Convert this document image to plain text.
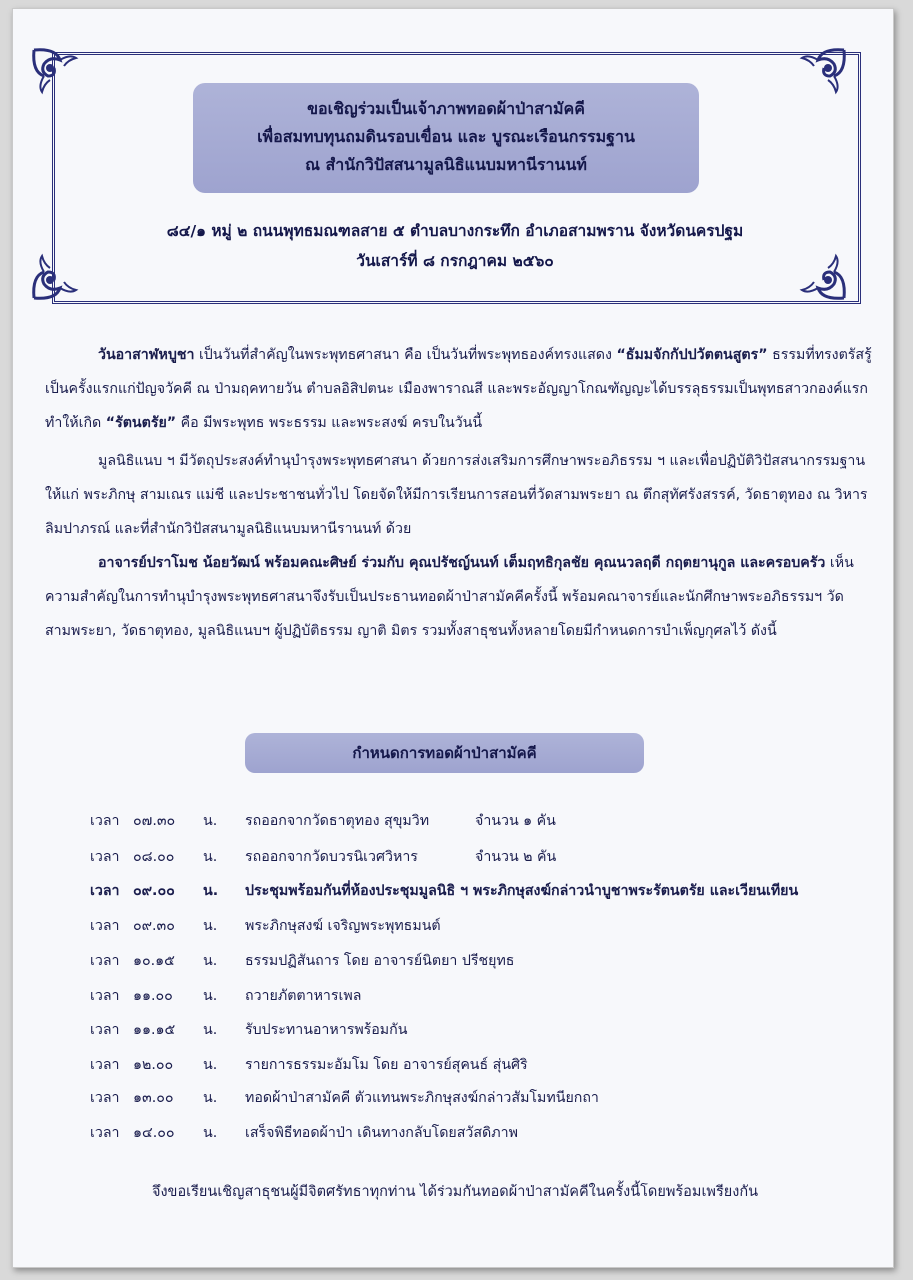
ขอเชิญร่วมเป็นเจ้าภาพทอดผ้าป่าสามัคคี
เพื่อสมทบทุนถมดินรอบเขื่อน และ บูรณะเรือนกรรมฐาน
ณ สำนักวิปัสสนามูลนิธิแนบมหานีรานนท์
๘๔/๑ หมู่ ๒ ถนนพุทธมณฑลสาย ๕ ตำบลบางกระทึก อำเภอสามพราน จังหวัดนครปฐม
วันเสาร์ที่ ๘ กรกฎาคม ๒๕๖๐

วันอาสาฬหบูชา เป็นวันที่สำคัญในพระพุทธศาสนา คือ เป็นวันที่พระพุทธองค์ทรงแสดง “ธัมมจักกัปปวัตตนสูตร” ธรรมที่ทรงตรัสรู้เป็นครั้งแรกแก่ปัญจวัคคี ณ ป่ามฤคทายวัน ตำบลอิสิปตนะ เมืองพาราณสี และพระอัญญาโกณฑัญญะได้บรรลุธรรมเป็นพุทธสาวกองค์แรก ทำให้เกิด “รัตนตรัย” คือ มีพระพุทธ พระธรรม และพระสงฆ์ ครบในวันนี้

มูลนิธิแนบ ฯ มีวัตถุประสงค์ทำนุบำรุงพระพุทธศาสนา ด้วยการส่งเสริมการศึกษาพระอภิธรรม ฯ และเพื่อปฏิบัติวิปัสสนากรรมฐานให้แก่ พระภิกษุ สามเณร แม่ชี และประชาชนทั่วไป โดยจัดให้มีการเรียนการสอนที่วัดสามพระยา ณ ตึกสุทัศรังสรรค์, วัดธาตุทอง ณ วิหารลิมปาภรณ์ และที่สำนักวิปัสสนามูลนิธิแนบมหานีรานนท์ ด้วย

อาจารย์ปราโมช น้อยวัฒน์ พร้อมคณะศิษย์ ร่วมกับ คุณปรัชญ์นนท์ เต็มฤทธิกุลชัย คุณนวลฤดี กฤตยานุกูล และครอบครัว เห็นความสำคัญในการทำนุบำรุงพระพุทธศาสนาจึงรับเป็นประธานทอดผ้าป่าสามัคคีครั้งนี้ พร้อมคณาจารย์และนักศึกษาพระอภิธรรมฯ วัดสามพระยา, วัดธาตุทอง, มูลนิธิแนบฯ ผู้ปฏิบัติธรรม ญาติ มิตร รวมทั้งสาธุชนทั้งหลายโดยมีกำหนดการบำเพ็ญกุศลไว้ ดังนี้

กำหนดการทอดผ้าป่าสามัคคี
เวลา ๐๗.๓๐ น. รถออกจากวัดธาตุทอง สุขุมวิท	จำนวน ๑ คัน
เวลา ๐๘.๐๐ น. รถออกจากวัดบวรนิเวศวิหาร	จำนวน ๒ คัน
เวลา ๐๙.๐๐ น. ประชุมพร้อมกันที่ห้องประชุมมูลนิธิ ฯ พระภิกษุสงฆ์กล่าวนำบูชาพระรัตนตรัย และเวียนเทียน
เวลา ๐๙.๓๐ น. พระภิกษุสงฆ์ เจริญพระพุทธมนต์
เวลา ๑๐.๑๕ น. ธรรมปฏิสันถาร โดย อาจารย์นิตยา ปรีชยุทธ
เวลา ๑๑.๐๐ น. ถวายภัตตาหารเพล
เวลา ๑๑.๑๕ น. รับประทานอาหารพร้อมกัน
เวลา ๑๒.๐๐ น. รายการธรรมะอัมโม โดย อาจารย์สุคนธ์ สุ่นศิริ
เวลา ๑๓.๐๐ น. ทอดผ้าป่าสามัคคี ตัวแทนพระภิกษุสงฆ์กล่าวสัมโมทนียกถา
เวลา ๑๔.๐๐ น. เสร็จพิธีทอดผ้าป่า เดินทางกลับโดยสวัสดิภาพ
จึงขอเรียนเชิญสาธุชนผู้มีจิตศรัทธาทุกท่าน ได้ร่วมกันทอดผ้าป่าสามัคคีในครั้งนี้โดยพร้อมเพรียงกัน
